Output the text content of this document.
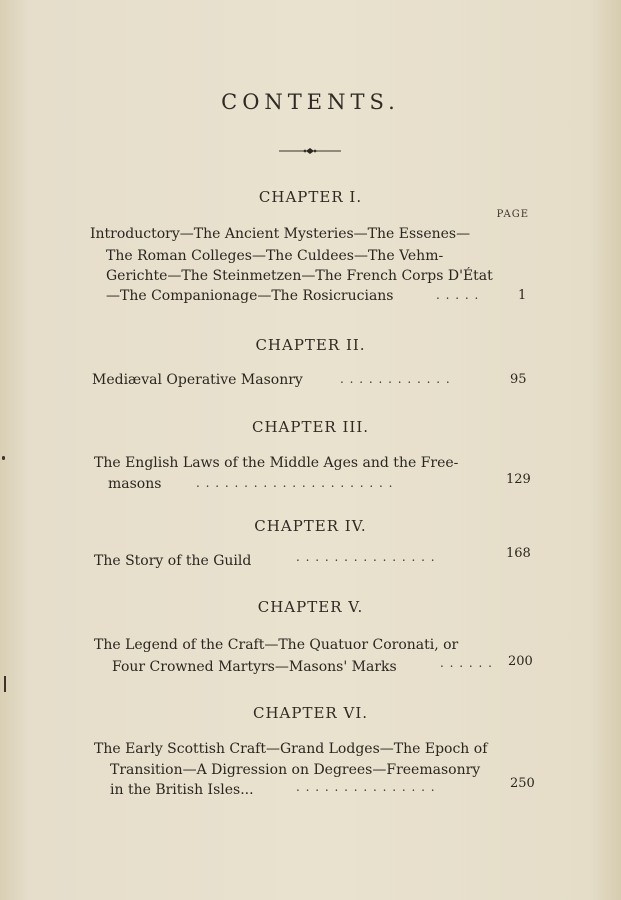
CONTENTS.
PAGE
CHAPTER I.
Introductory—The Ancient Mysteries—The Essenes—
The Roman Colleges—The Culdees—The Vehm-
Gerichte—The Steinmetzen—The French Corps D'État
—The Companionage—The Rosicrucians	. . . . .	1
CHAPTER II.
Mediæval Operative Masonry	. . . . . . . . . . . .	95
CHAPTER III.
The English Laws of the Middle Ages and the Free-
masons	. . . . . . . . . . . . . . . . . . . . .	129
CHAPTER IV.
The Story of the Guild	. . . . . . . . . . . . . . .	168
CHAPTER V.
The Legend of the Craft—The Quatuor Coronati, or
Four Crowned Martyrs—Masons' Marks	. . . . . . 200
CHAPTER VI.
The Early Scottish Craft—Grand Lodges—The Epoch of
Transition—A Digression on Degrees—Freemasonry
in the British Isles...	. . . . . . . . . . . . . . .	250
